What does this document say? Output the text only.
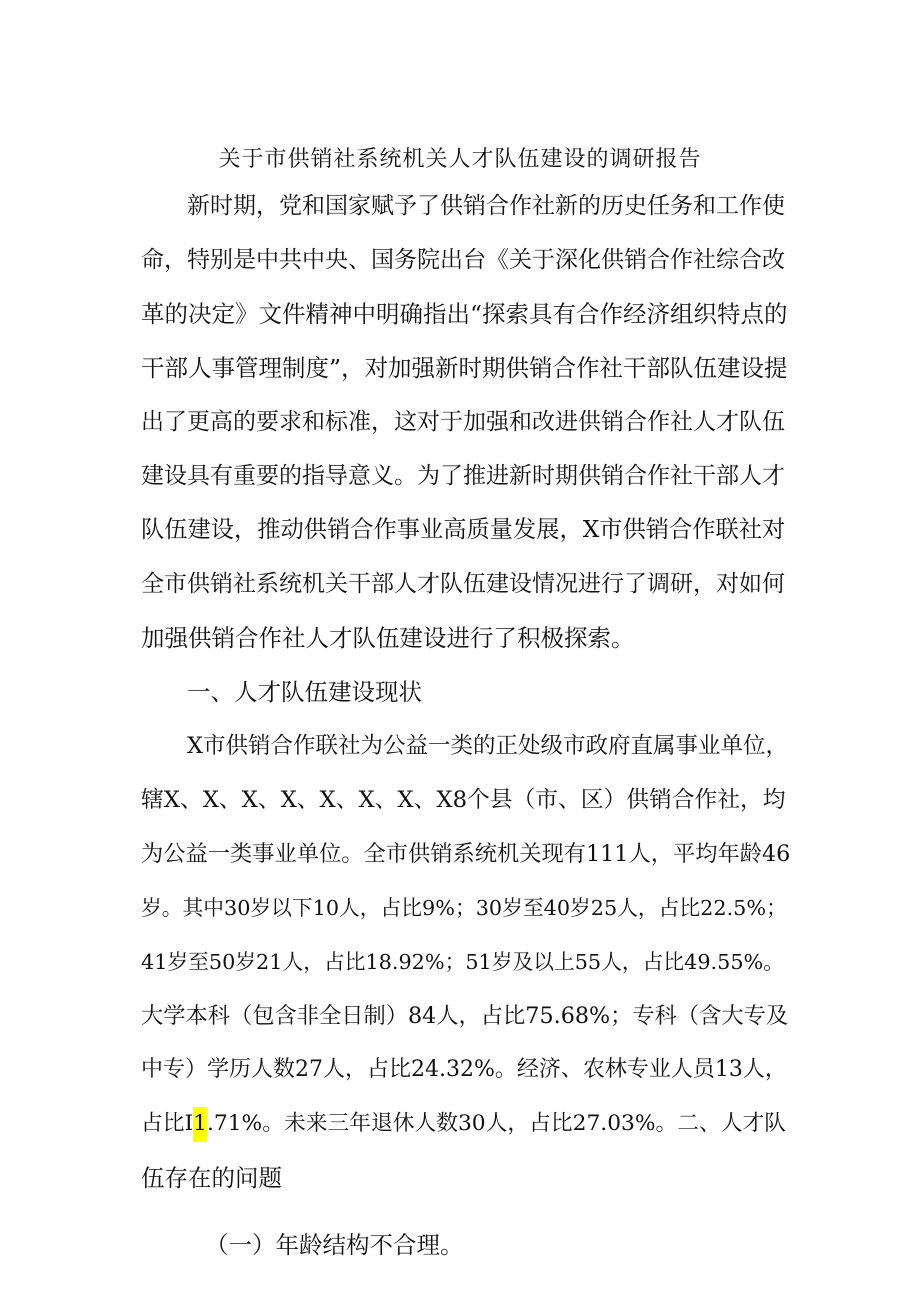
关于市供销社系统机关人才队伍建设的调研报告
新时期，党和国家赋予了供销合作社新的历史任务和工作使
命，特别是中共中央、国务院出台《关于深化供销合作社综合改
革的决定》文件精神中明确指出“探索具有合作经济组织特点的
干部人事管理制度”，对加强新时期供销合作社干部队伍建设提
出了更高的要求和标准，这对于加强和改进供销合作社人才队伍
建设具有重要的指导意义。为了推进新时期供销合作社干部人才
队伍建设，推动供销合作事业高质量发展，X市供销合作联社对
全市供销社系统机关干部人才队伍建设情况进行了调研，对如何
加强供销合作社人才队伍建设进行了积极探索。
一、人才队伍建设现状
X市供销合作联社为公益一类的正处级市政府直属事业单位，
辖X、X、X、X、X、X、X、X8个县（市、区）供销合作社，均
为公益一类事业单位。全市供销系统机关现有111人，平均年龄46
岁。其中30岁以下10人，占比9%；30岁至40岁25人，占比22.5%；
41岁至50岁21人，占比18.92%；51岁及以上55人，占比49.55%。
大学本科（包含非全日制）84人，占比75.68%；专科（含大专及
中专）学历人数27人，占比24.32%。经济、农林专业人员13人，
占比I1.71%。未来三年退休人数30人，占比27.03%。二、人才队
伍存在的问题
（一）年龄结构不合理。
